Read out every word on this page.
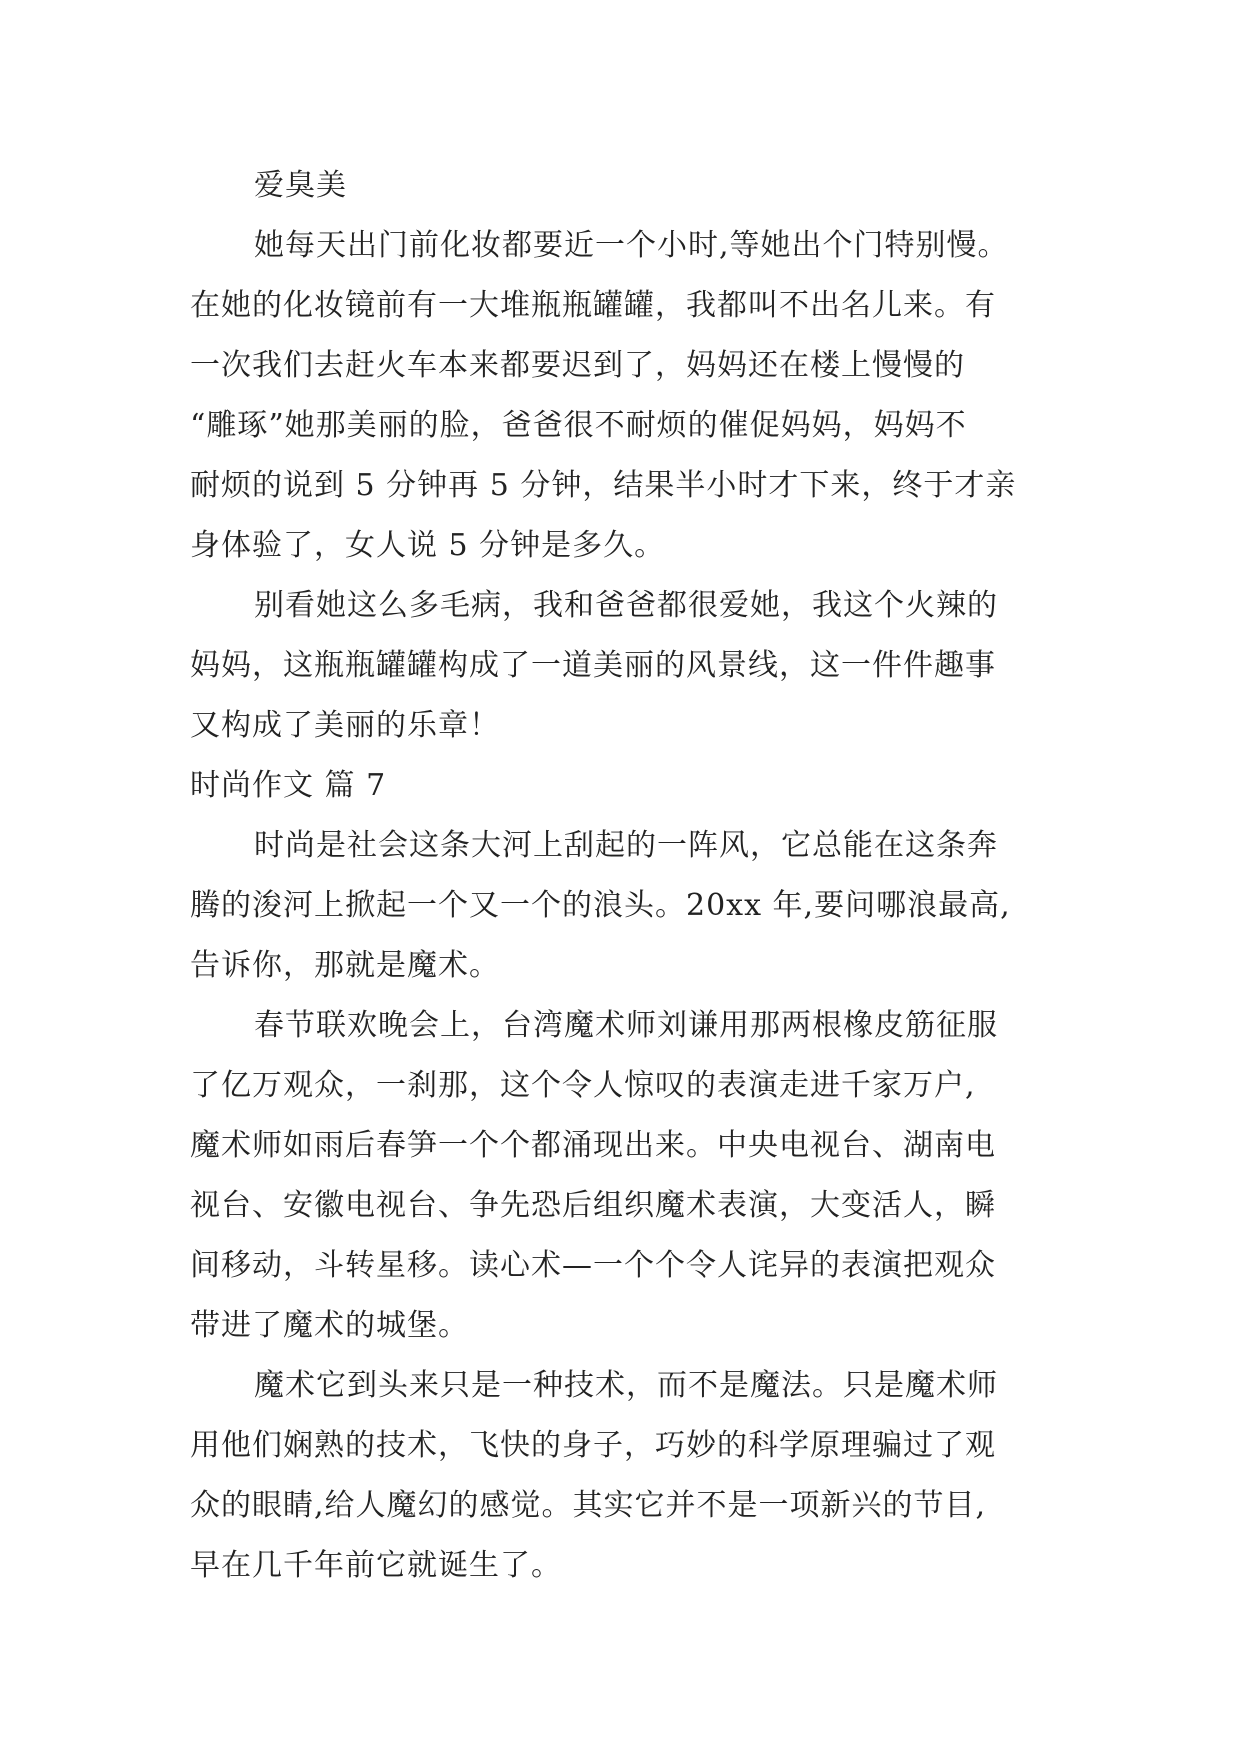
爱臭美
她每天出门前化妆都要近一个小时,等她出个门特别慢。
在她的化妆镜前有一大堆瓶瓶罐罐，我都叫不出名儿来。有
一次我们去赶火车本来都要迟到了，妈妈还在楼上慢慢的
“雕琢”她那美丽的脸，爸爸很不耐烦的催促妈妈，妈妈不
耐烦的说到 5 分钟再 5 分钟，结果半小时才下来，终于才亲
身体验了，女人说 5 分钟是多久。
别看她这么多毛病，我和爸爸都很爱她，我这个火辣的
妈妈，这瓶瓶罐罐构成了一道美丽的风景线，这一件件趣事
又构成了美丽的乐章！
时尚作文 篇 7
时尚是社会这条大河上刮起的一阵风，它总能在这条奔
腾的浚河上掀起一个又一个的浪头。20xx 年,要问哪浪最高,
告诉你，那就是魔术。
春节联欢晚会上，台湾魔术师刘谦用那两根橡皮筋征服
了亿万观众，一刹那，这个令人惊叹的表演走进千家万户,
魔术师如雨后春笋一个个都涌现出来。中央电视台、湖南电
视台、安徽电视台、争先恐后组织魔术表演，大变活人，瞬
间移动，斗转星移。读心术—一个个令人诧异的表演把观众
带进了魔术的城堡。
魔术它到头来只是一种技术，而不是魔法。只是魔术师
用他们娴熟的技术，飞快的身子，巧妙的科学原理骗过了观
众的眼睛,给人魔幻的感觉。其实它并不是一项新兴的节目,
早在几千年前它就诞生了。
